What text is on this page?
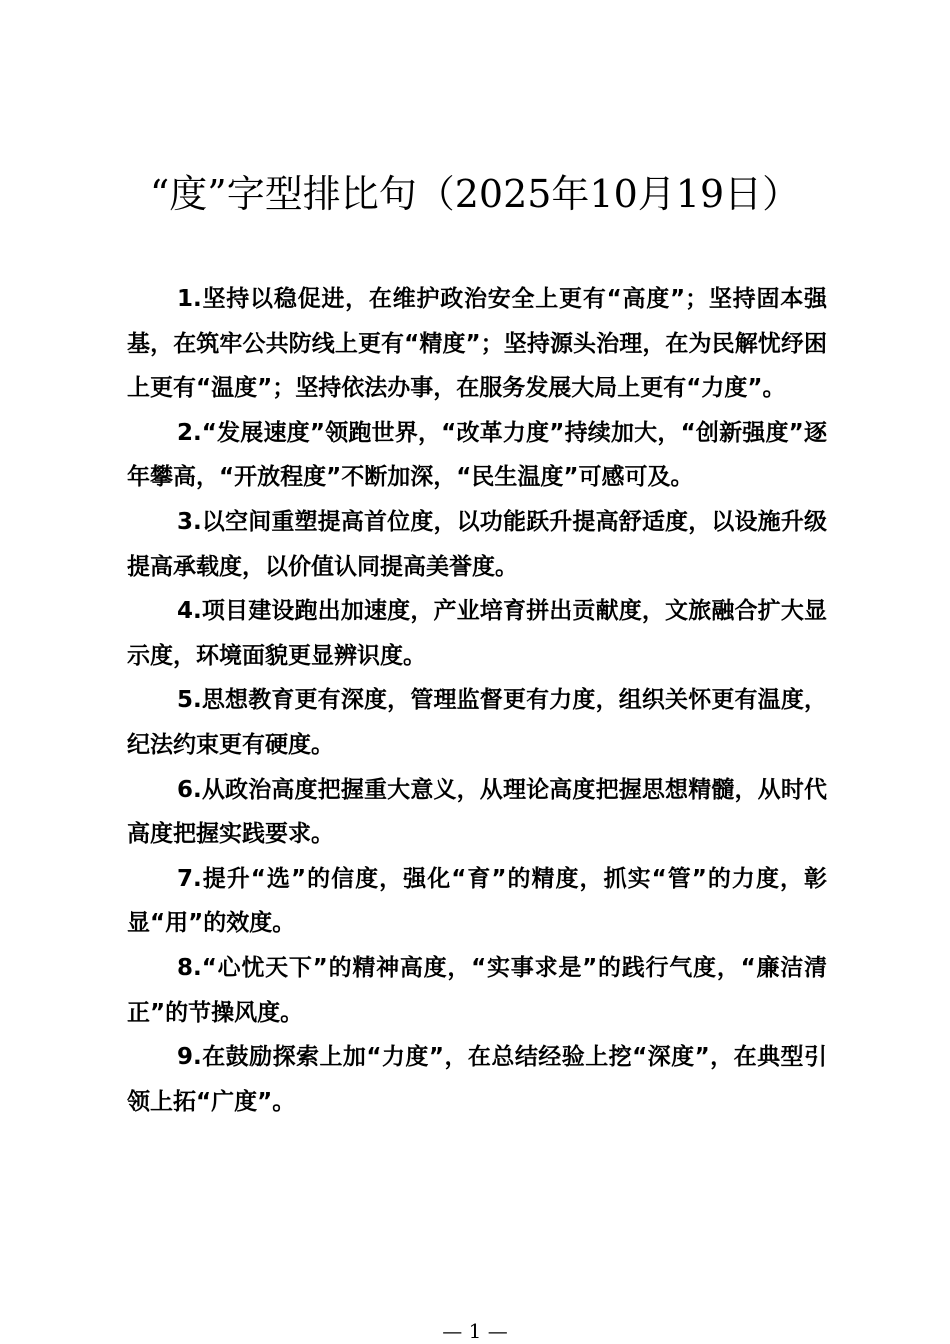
“度”字型排比句（2025年10月19日）

1.坚持以稳促进，在维护政治安全上更有“高度”；坚持固本强基，在筑牢公共防线上更有“精度”；坚持源头治理，在为民解忧纾困上更有“温度”；坚持依法办事，在服务发展大局上更有“力度”。

2.“发展速度”领跑世界，“改革力度”持续加大，“创新强度”逐年攀高，“开放程度”不断加深，“民生温度”可感可及。

3.以空间重塑提高首位度，以功能跃升提高舒适度，以设施升级提高承载度，以价值认同提高美誉度。

4.项目建设跑出加速度，产业培育拼出贡献度，文旅融合扩大显示度，环境面貌更显辨识度。

5.思想教育更有深度，管理监督更有力度，组织关怀更有温度，纪法约束更有硬度。

6.从政治高度把握重大意义，从理论高度把握思想精髓，从时代高度把握实践要求。

7.提升“选”的信度，强化“育”的精度，抓实“管”的力度，彰显“用”的效度。

8.“心忧天下”的精神高度，“实事求是”的践行气度，“廉洁清正”的节操风度。

9.在鼓励探索上加“力度”，在总结经验上挖“深度”，在典型引领上拓“广度”。

— 1 —
